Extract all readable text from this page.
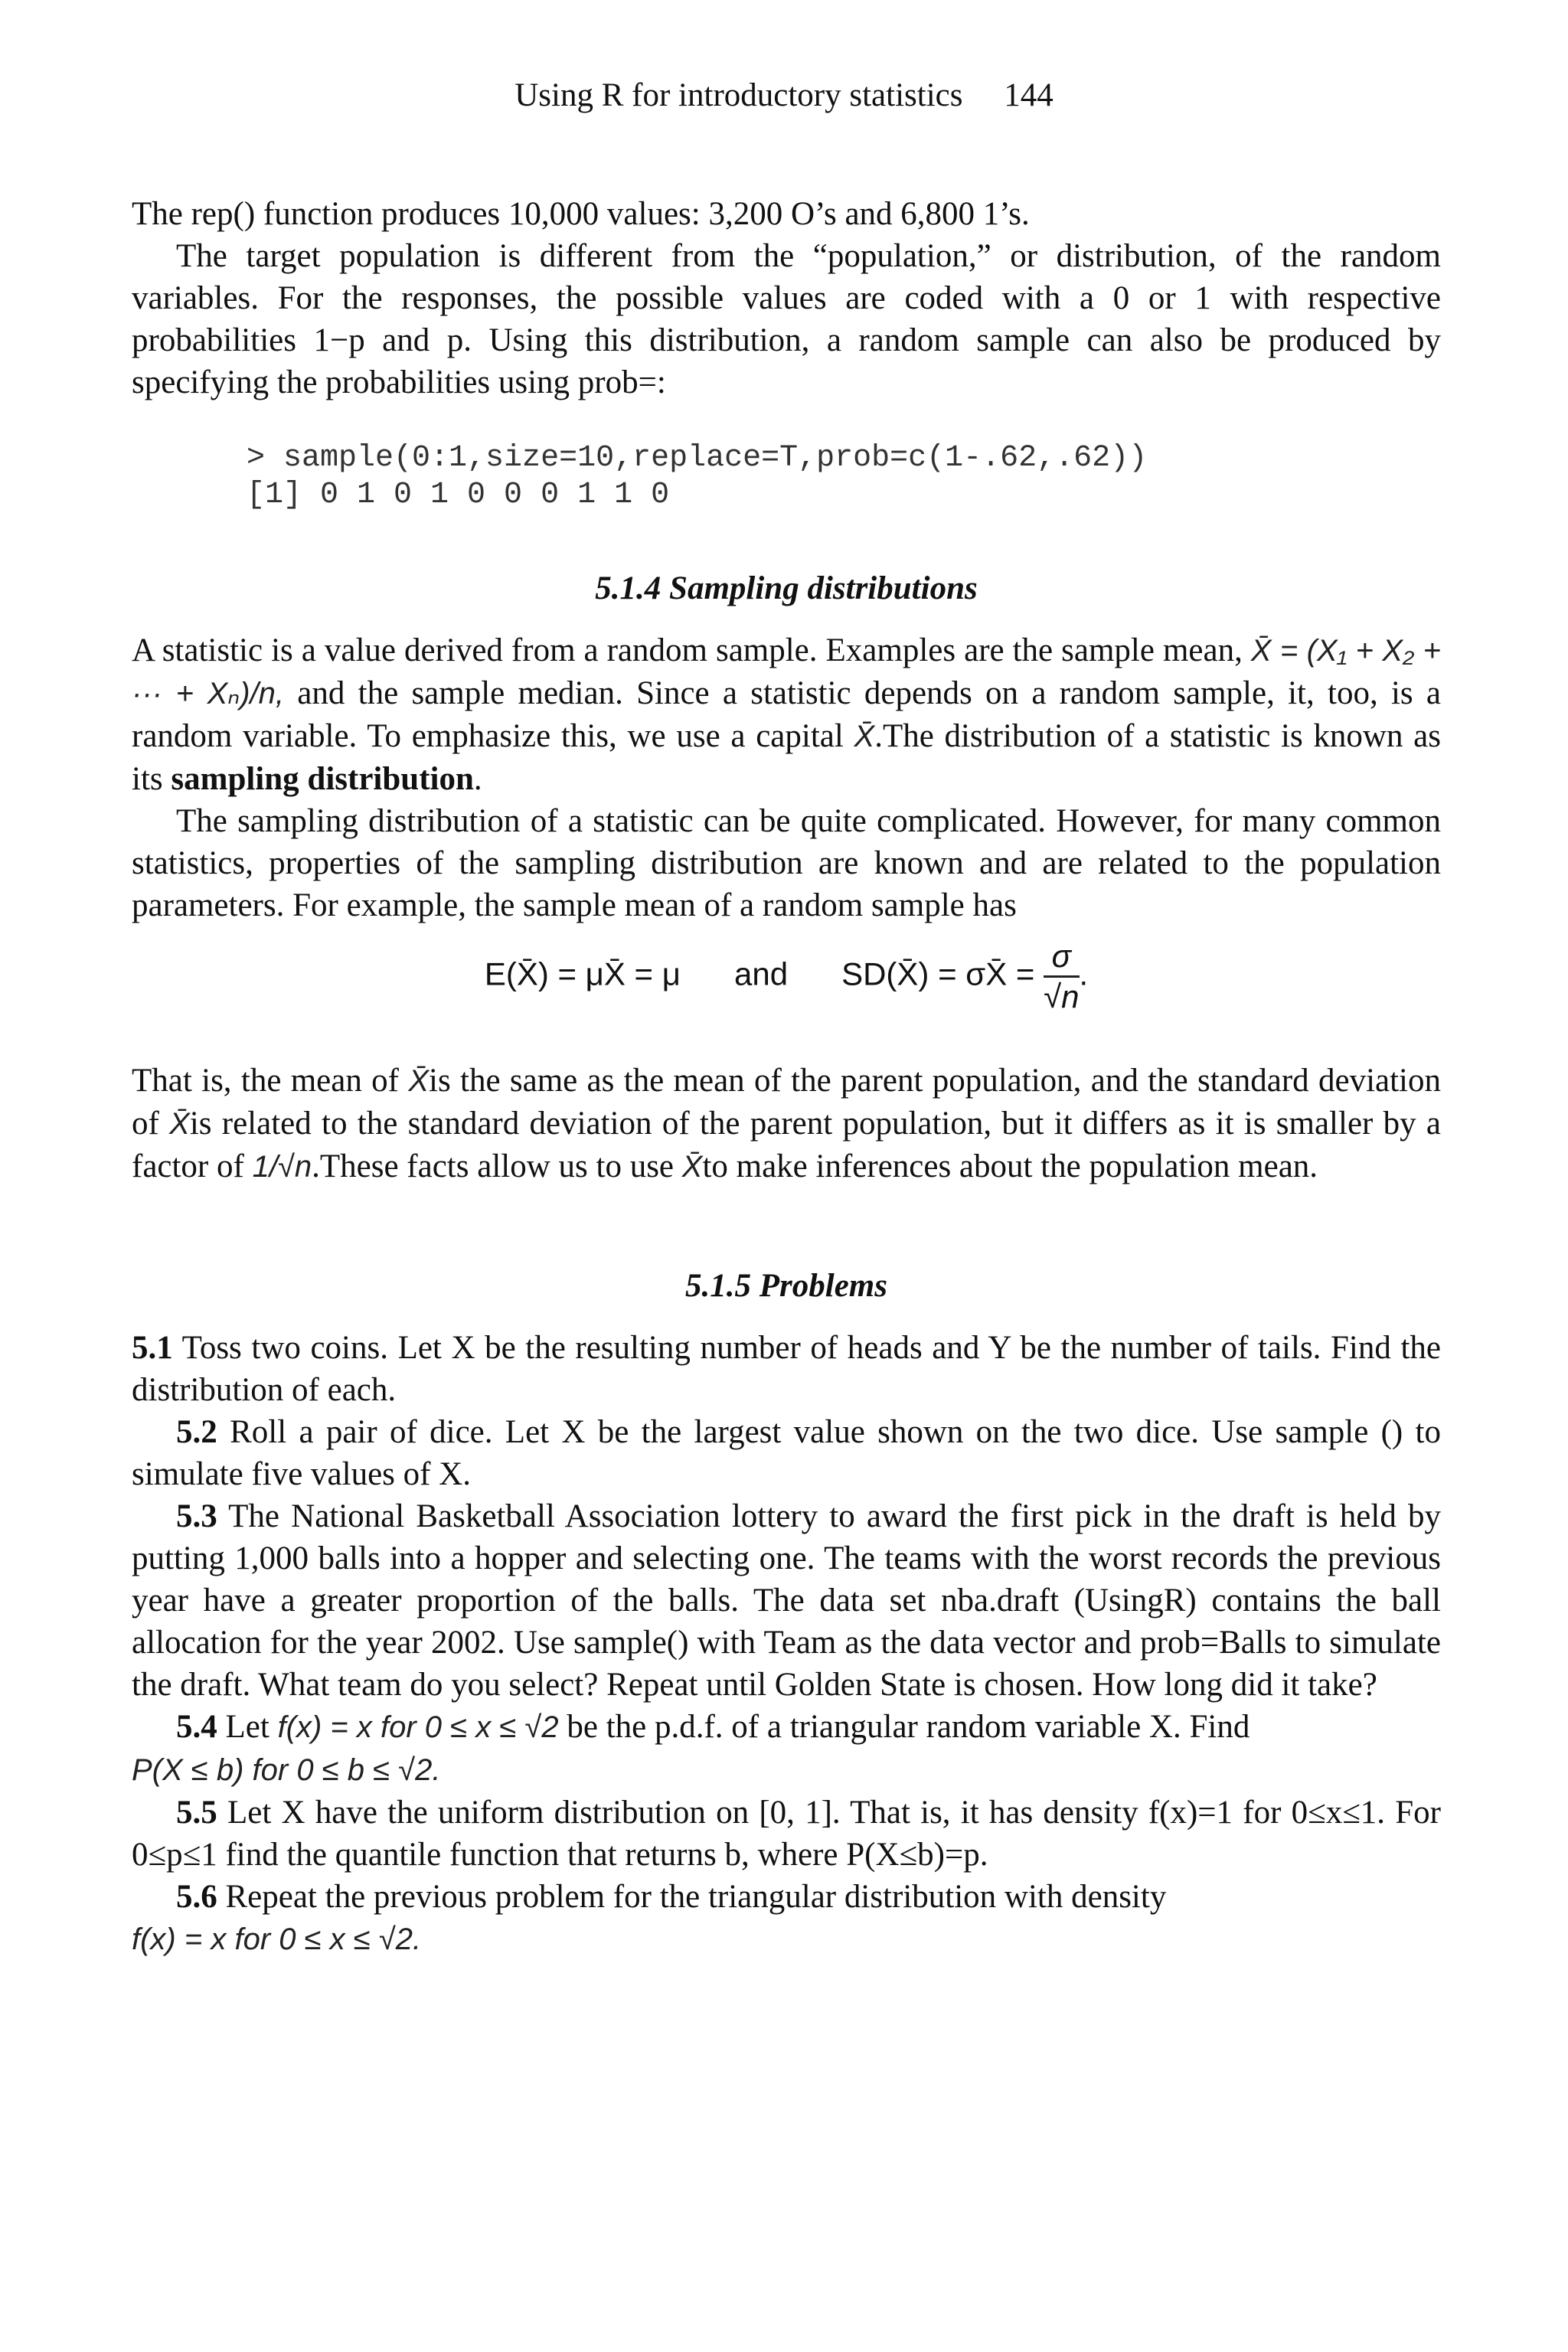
Using R for introductory statistics 144

The rep() function produces 10,000 values: 3,200 O’s and 6,800 1’s.

The target population is different from the “population,” or distribution, of the random variables. For the responses, the possible values are coded with a 0 or 1 with respective probabilities 1−p and p. Using this distribution, a random sample can also be produced by specifying the probabilities using prob=:

> sample(0:1,size=10,replace=T,prob=c(1-.62,.62))
[1] 0 1 0 1 0 0 0 1 1 0
5.1.4 Sampling distributions

A statistic is a value derived from a random sample. Examples are the sample mean, X̄ = (X₁ + X₂ + ··· + Xₙ)/n, and the sample median. Since a statistic depends on a random sample, it, too, is a random variable. To emphasize this, we use a capital X̄.The distribution of a statistic is known as its sampling distribution.

The sampling distribution of a statistic can be quite complicated. However, for many common statistics, properties of the sampling distribution are known and are related to the population parameters. For example, the sample mean of a random sample has

E(X̄) = μX̄ = μ and SD(X̄) = σX̄ = $\frac{\sigma}{√n}$ .

That is, the mean of X̄is the same as the mean of the parent population, and the standard deviation of X̄is related to the standard deviation of the parent population, but it differs as it is smaller by a factor of 1/√n.These facts allow us to use X̄to make inferences about the population mean.

5.1.5 Problems

5.1 Toss two coins. Let X be the resulting number of heads and Y be the number of tails. Find the distribution of each.

5.2 Roll a pair of dice. Let X be the largest value shown on the two dice. Use sample () to simulate five values of X.

5.3 The National Basketball Association lottery to award the first pick in the draft is held by putting 1,000 balls into a hopper and selecting one. The teams with the worst records the previous year have a greater proportion of the balls. The data set nba.draft (UsingR) contains the ball allocation for the year 2002. Use sample() with Team as the data vector and prob=Balls to simulate the draft. What team do you select? Repeat until Golden State is chosen. How long did it take?

5.4 Let f(x) = x for 0 ≤ x ≤ √2 be the p.d.f. of a triangular random variable X. Find
P(X ≤ b) for 0 ≤ b ≤ √2.

5.5 Let X have the uniform distribution on [0, 1]. That is, it has density f(x)=1 for 0≤x≤1. For 0≤p≤1 find the quantile function that returns b, where P(X≤b)=p.

5.6 Repeat the previous problem for the triangular distribution with density
f(x) = x for 0 ≤ x ≤ √2.
